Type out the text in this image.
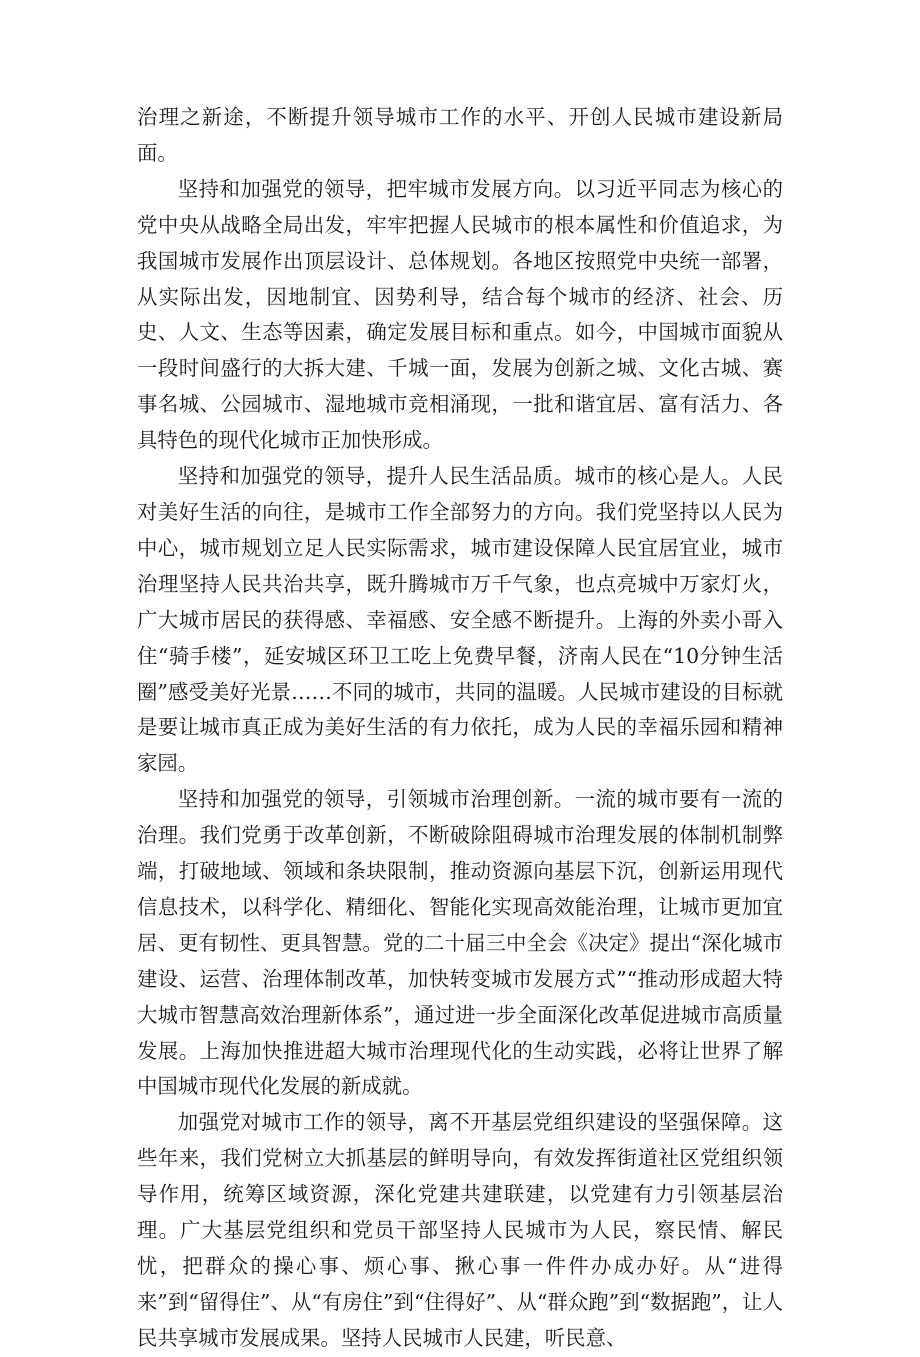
治理之新途，不断提升领导城市工作的水平、开创人民城市建设新局面。

坚持和加强党的领导，把牢城市发展方向。以习近平同志为核心的党中央从战略全局出发，牢牢把握人民城市的根本属性和价值追求，为我国城市发展作出顶层设计、总体规划。各地区按照党中央统一部署，从实际出发，因地制宜、因势利导，结合每个城市的经济、社会、历史、人文、生态等因素，确定发展目标和重点。如今，中国城市面貌从一段时间盛行的大拆大建、千城一面，发展为创新之城、文化古城、赛事名城、公园城市、湿地城市竞相涌现，一批和谐宜居、富有活力、各具特色的现代化城市正加快形成。

坚持和加强党的领导，提升人民生活品质。城市的核心是人。人民对美好生活的向往，是城市工作全部努力的方向。我们党坚持以人民为中心，城市规划立足人民实际需求，城市建设保障人民宜居宜业，城市治理坚持人民共治共享，既升腾城市万千气象，也点亮城中万家灯火，广大城市居民的获得感、幸福感、安全感不断提升。上海的外卖小哥入住“骑手楼”，延安城区环卫工吃上免费早餐，济南人民在“10分钟生活圈”感受美好光景……不同的城市，共同的温暖。人民城市建设的目标就是要让城市真正成为美好生活的有力依托，成为人民的幸福乐园和精神家园。

坚持和加强党的领导，引领城市治理创新。一流的城市要有一流的治理。我们党勇于改革创新，不断破除阻碍城市治理发展的体制机制弊端，打破地域、领域和条块限制，推动资源向基层下沉，创新运用现代信息技术，以科学化、精细化、智能化实现高效能治理，让城市更加宜居、更有韧性、更具智慧。党的二十届三中全会《决定》提出“深化城市建设、运营、治理体制改革，加快转变城市发展方式”“推动形成超大特大城市智慧高效治理新体系”，通过进一步全面深化改革促进城市高质量发展。上海加快推进超大城市治理现代化的生动实践，必将让世界了解中国城市现代化发展的新成就。

加强党对城市工作的领导，离不开基层党组织建设的坚强保障。这些年来，我们党树立大抓基层的鲜明导向，有效发挥街道社区党组织领导作用，统筹区域资源，深化党建共建联建，以党建有力引领基层治理。广大基层党组织和党员干部坚持人民城市为人民，察民情、解民忧，把群众的操心事、烦心事、揪心事一件件办成办好。从“进得来”到“留得住”、从“有房住”到“住得好”、从“群众跑”到“数据跑”，让人民共享城市发展成果。坚持人民城市人民建，听民意、
